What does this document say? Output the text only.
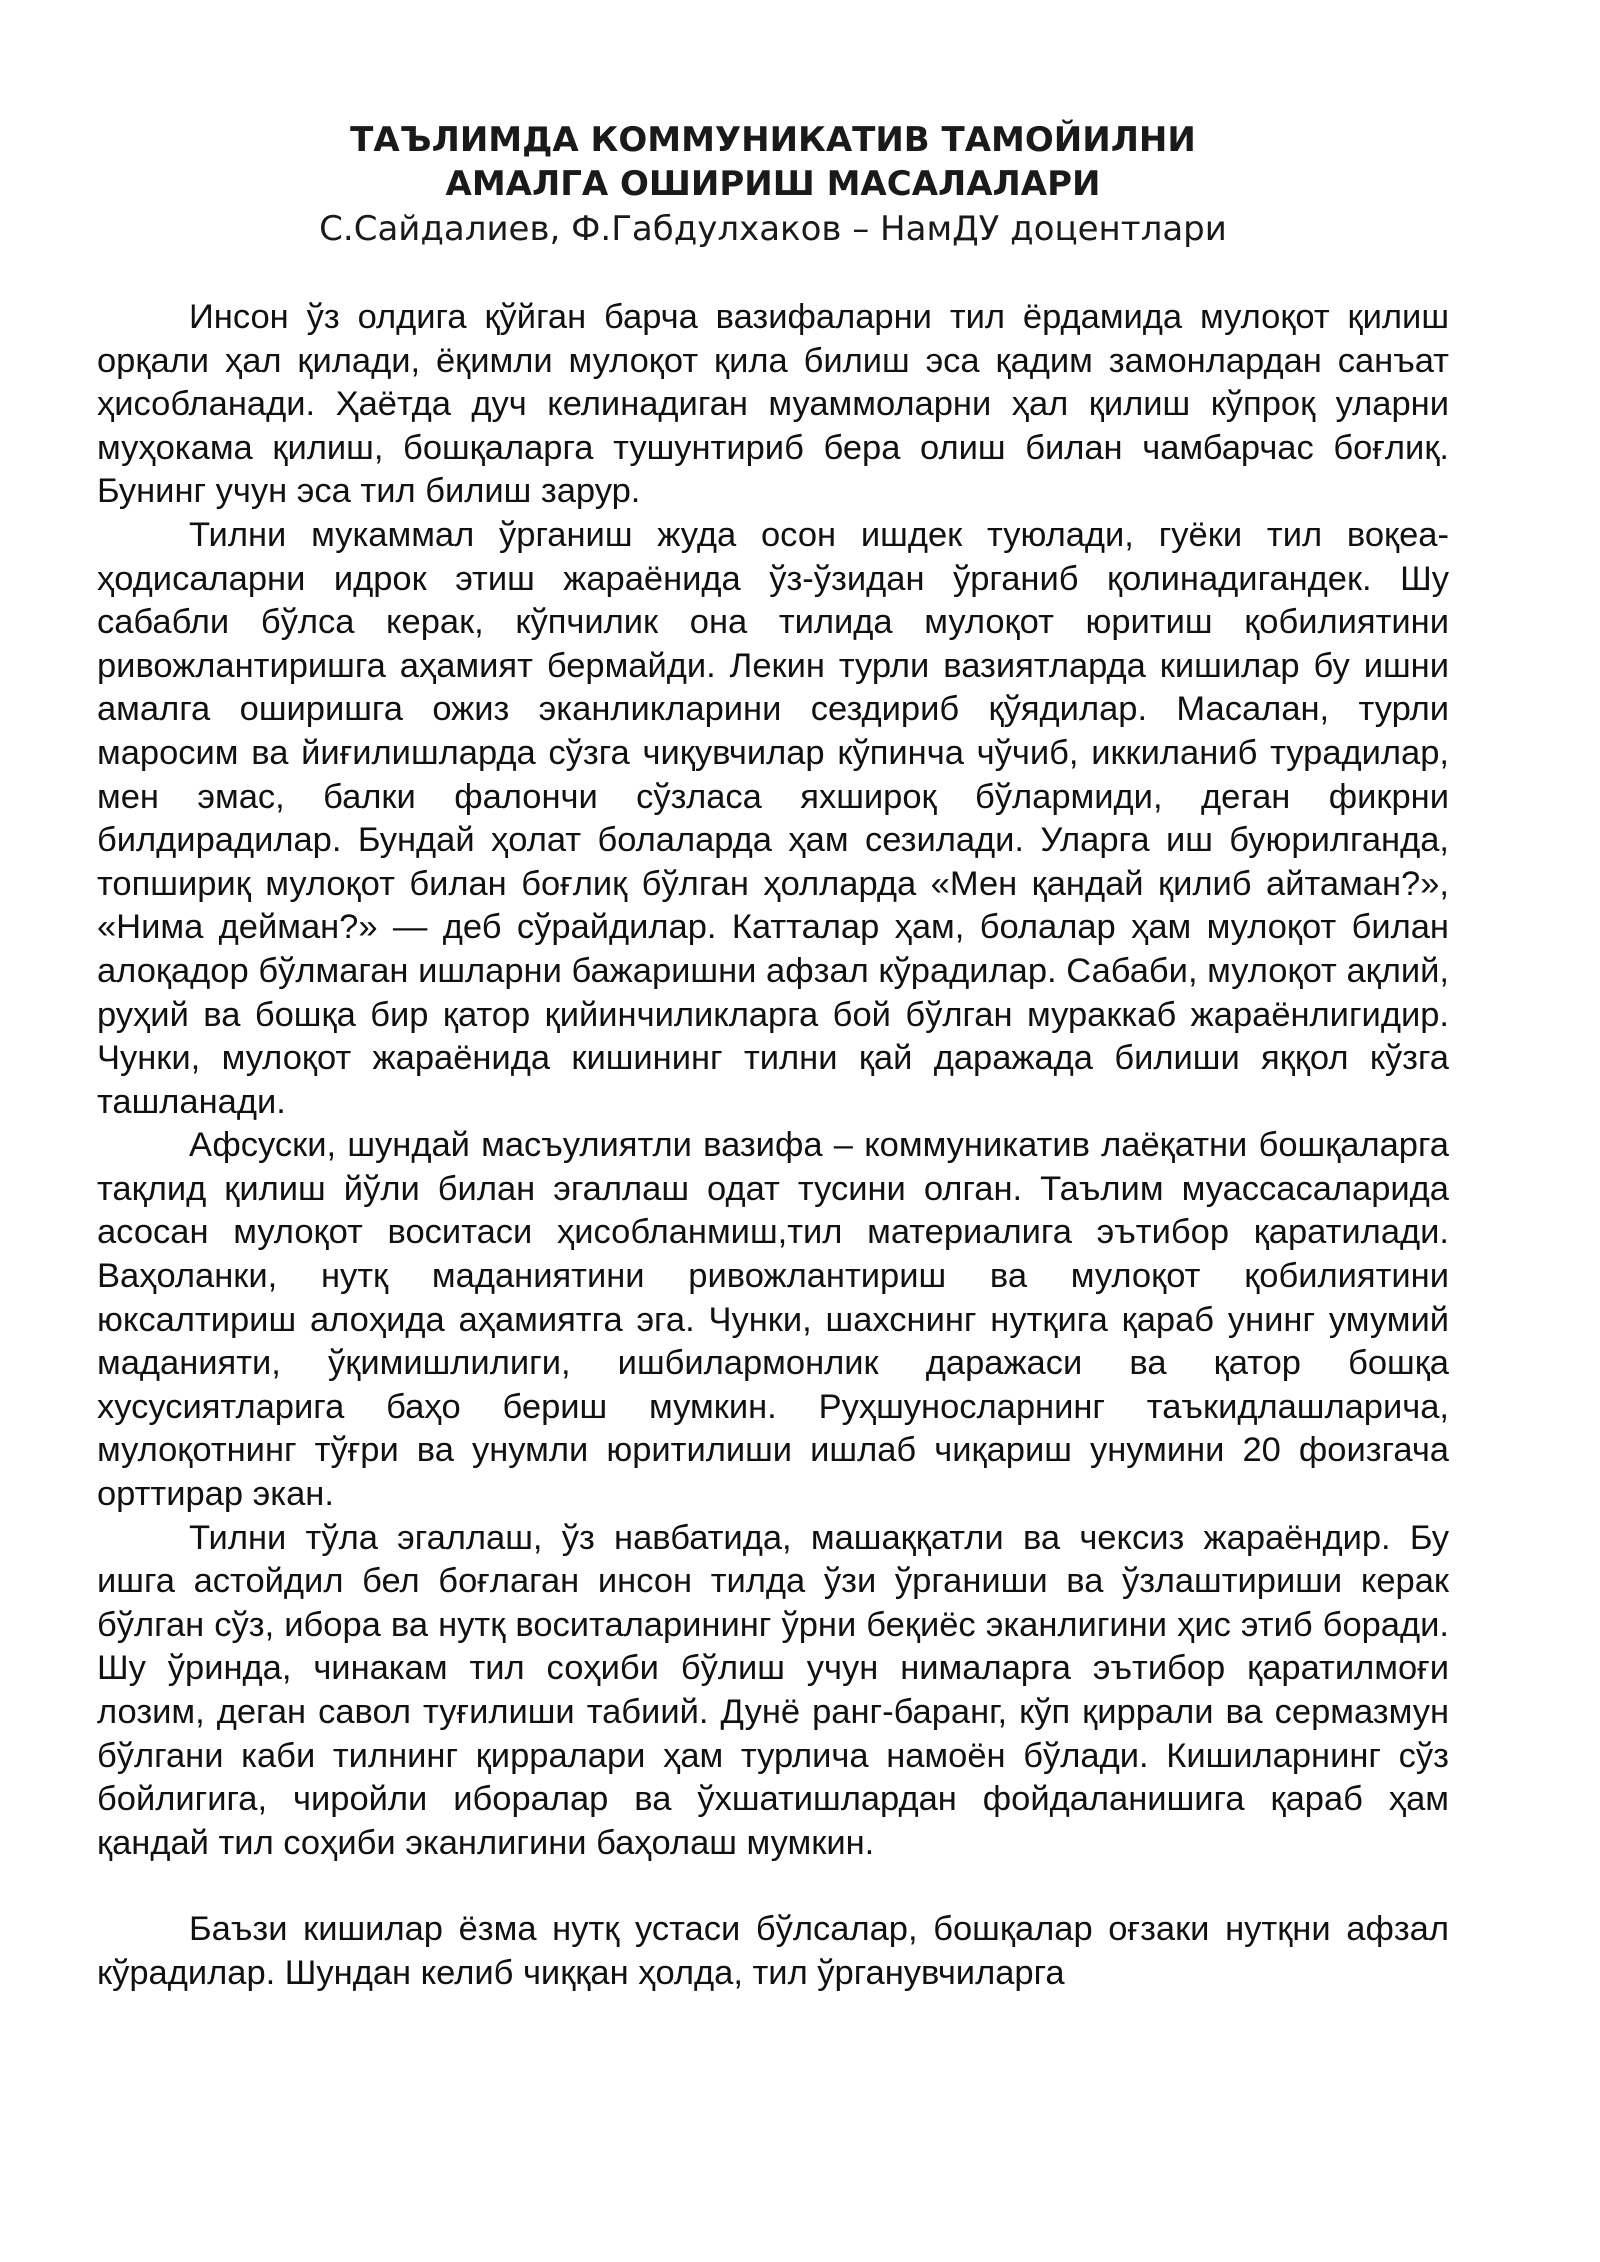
ТАЪЛИМДА КОММУНИКАТИВ ТАМОЙИЛНИ

АМАЛГА ОШИРИШ МАСАЛАЛАРИ

С.Сайдалиев, Ф.Габдулхаков – НамДУ доцентлари

Инсон ўз олдига қўйган барча вазифаларни тил ёрдамида мулоқот қилиш орқали ҳал қилади, ёқимли мулоқот қила билиш эса қадим замонлардан санъат ҳисобланади. Ҳаётда дуч келинадиган муаммоларни ҳал қилиш кўпроқ уларни муҳокама қилиш, бошқаларга тушунтириб бера олиш билан чамбарчас боғлиқ. Бунинг учун эса тил билиш зарур.

Тилни мукаммал ўрганиш жуда осон ишдек туюлади, гуёки тил воқеа-ҳодисаларни идрок этиш жараёнида ўз-ўзидан ўрганиб қолинадигандек. Шу сабабли бўлса керак, кўпчилик она тилида мулоқот юритиш қобилиятини ривожлантиришга аҳамият бермайди. Лекин турли вазиятларда кишилар бу ишни амалга оширишга ожиз эканликларини сездириб қўядилар. Масалан, турли маросим ва йиғилишларда сўзга чиқувчилар кўпинча чўчиб, иккиланиб турадилар, мен эмас, балки фалончи сўзласа яхшироқ бўлармиди, деган фикрни билдирадилар. Бундай ҳолат болаларда ҳам сезилади. Уларга иш буюрилганда, топшириқ мулоқот билан боғлиқ бўлган ҳолларда «Мен қандай қилиб айтаман?», «Нима дейман?» — деб сўрайдилар. Катталар ҳам, болалар ҳам мулоқот билан алоқадор бўлмаган ишларни бажаришни афзал кўрадилар. Сабаби, мулоқот ақлий, руҳий ва бошқа бир қатор қийинчиликларга бой бўлган мураккаб жараёнлигидир. Чунки, мулоқот жараёнида кишининг тилни қай даражада билиши яққол кўзга ташланади.

Афсуски, шундай масъулиятли вазифа – коммуникатив лаёқатни бошқаларга тақлид қилиш йўли билан эгаллаш одат тусини олган. Таълим муассасаларида асосан мулоқот воситаси ҳисобланмиш,тил материалига эътибор қаратилади. Ваҳоланки, нутқ маданиятини ривожлантириш ва мулоқот қобилиятини юксалтириш алоҳида аҳамиятга эга. Чунки, шахснинг нутқига қараб унинг умумий маданияти, ўқимишлилиги, ишбилармонлик даражаси ва қатор бошқа хусусиятларига баҳо бериш мумкин. Руҳшуносларнинг таъкидлашларича, мулоқотнинг тўғри ва унумли юритилиши ишлаб чиқариш унумини 20 фоизгача орттирар экан.

Тилни тўла эгаллаш, ўз навбатида, машаққатли ва чексиз жараёндир. Бу ишга астойдил бел боғлаган инсон тилда ўзи ўрганиши ва ўзлаштириши керак бўлган сўз, ибора ва нутқ воситаларининг ўрни беқиёс эканлигини ҳис этиб боради. Шу ўринда, чинакам тил соҳиби бўлиш учун нималарга эътибор қаратилмоғи лозим, деган савол туғилиши табиий. Дунё ранг-баранг, кўп қиррали ва сермазмун бўлгани каби тилнинг қирралари ҳам турлича намоён бўлади. Кишиларнинг сўз бойлигига, чиройли иборалар ва ўхшатишлардан фойдаланишига қараб ҳам қандай тил соҳиби эканлигини баҳолаш мумкин.

Баъзи кишилар ёзма нутқ устаси бўлсалар, бошқалар оғзаки нутқни афзал кўрадилар. Шундан келиб чиққан ҳолда, тил ўрганувчиларга
